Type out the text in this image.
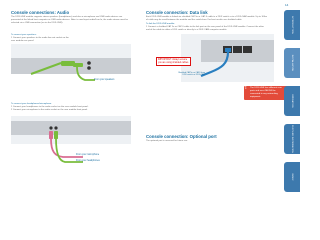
Console connections: Audio
The DDX-USR module supports stereo speakers (headphones) and also a microphone and USB audio devices are presented at the linked host computer as USB audio devices. Note: to read input audio/Line-In, the audio stream must be selected via a USB connection (or via the DDX-USR).
To connect your speakers:
1 Connect your speakers to the audio line-out socket on the user module rear panel.
From your speakers
To connect your headphones/microphone:
1 Connect your headphones to the audio socket on the user module front panel.
2 Connect your microphone to the audio socket on the user module front panel.
From your microphone
From your headphones
Console connection: Data link
Each DDX-USR module is linked via shielded CAT 5e or CAT 6 cable to a DDX switch or to a DDX-CAM module. Up to 100m of cable may be used between the module and the switch/cam. For best results use shielded cable.
To link the DDX-USR module:
1 Connect a shielded CAT 5e or CAT 6 cable to the link port on the rear panel of the DDX-USR module. Connect the other end of the cable to either a DDX switch or directly to a DDX-CAM computer module.
IMPORTANT: Always ensure
you are using shielded cables.

Shielded CAT5e or CAT6 from
DDX switch or DDX-CAM

! The DDX-USR has different user ports and must NEVER be connected to any networking equipment.
Console connection: Optional port
The optional port is reserved for future use.
14
INTRODUCTION
INSTALLATION
OPERATION
FURTHER INFORMATION
INDEX
